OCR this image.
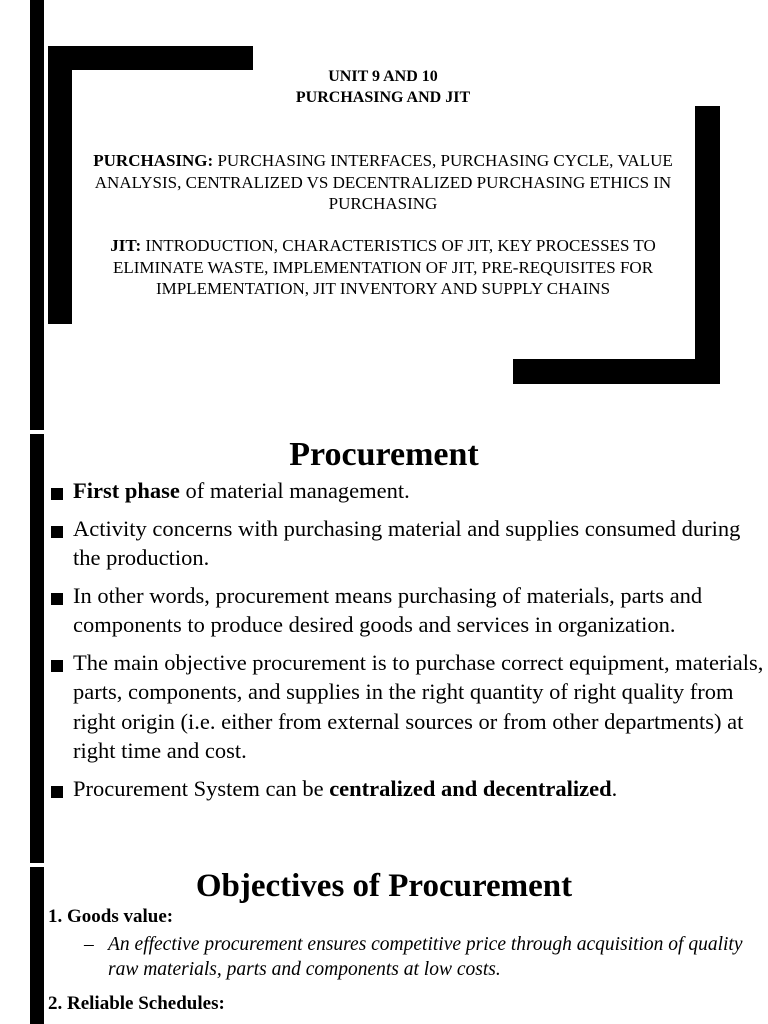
UNIT 9 AND 10
PURCHASING AND JIT
PURCHASING: PURCHASING INTERFACES, PURCHASING CYCLE, VALUE ANALYSIS, CENTRALIZED VS DECENTRALIZED PURCHASING ETHICS IN PURCHASING
JIT: INTRODUCTION, CHARACTERISTICS OF JIT, KEY PROCESSES TO ELIMINATE WASTE, IMPLEMENTATION OF JIT, PRE-REQUISITES FOR IMPLEMENTATION, JIT INVENTORY AND SUPPLY CHAINS
Procurement
First phase of material management.
Activity concerns with purchasing material and supplies consumed during the production.
In other words, procurement means purchasing of materials, parts and components to produce desired goods and services in organization.
The main objective procurement is to purchase correct equipment, materials, parts, components, and supplies in the right quantity of right quality from right origin (i.e. either from external sources or from other departments) at right time and cost.
Procurement System can be centralized and decentralized.
Objectives of Procurement
1. Goods value:
– An effective procurement ensures competitive price through acquisition of quality raw materials, parts and components at low costs.
2. Reliable Schedules:
